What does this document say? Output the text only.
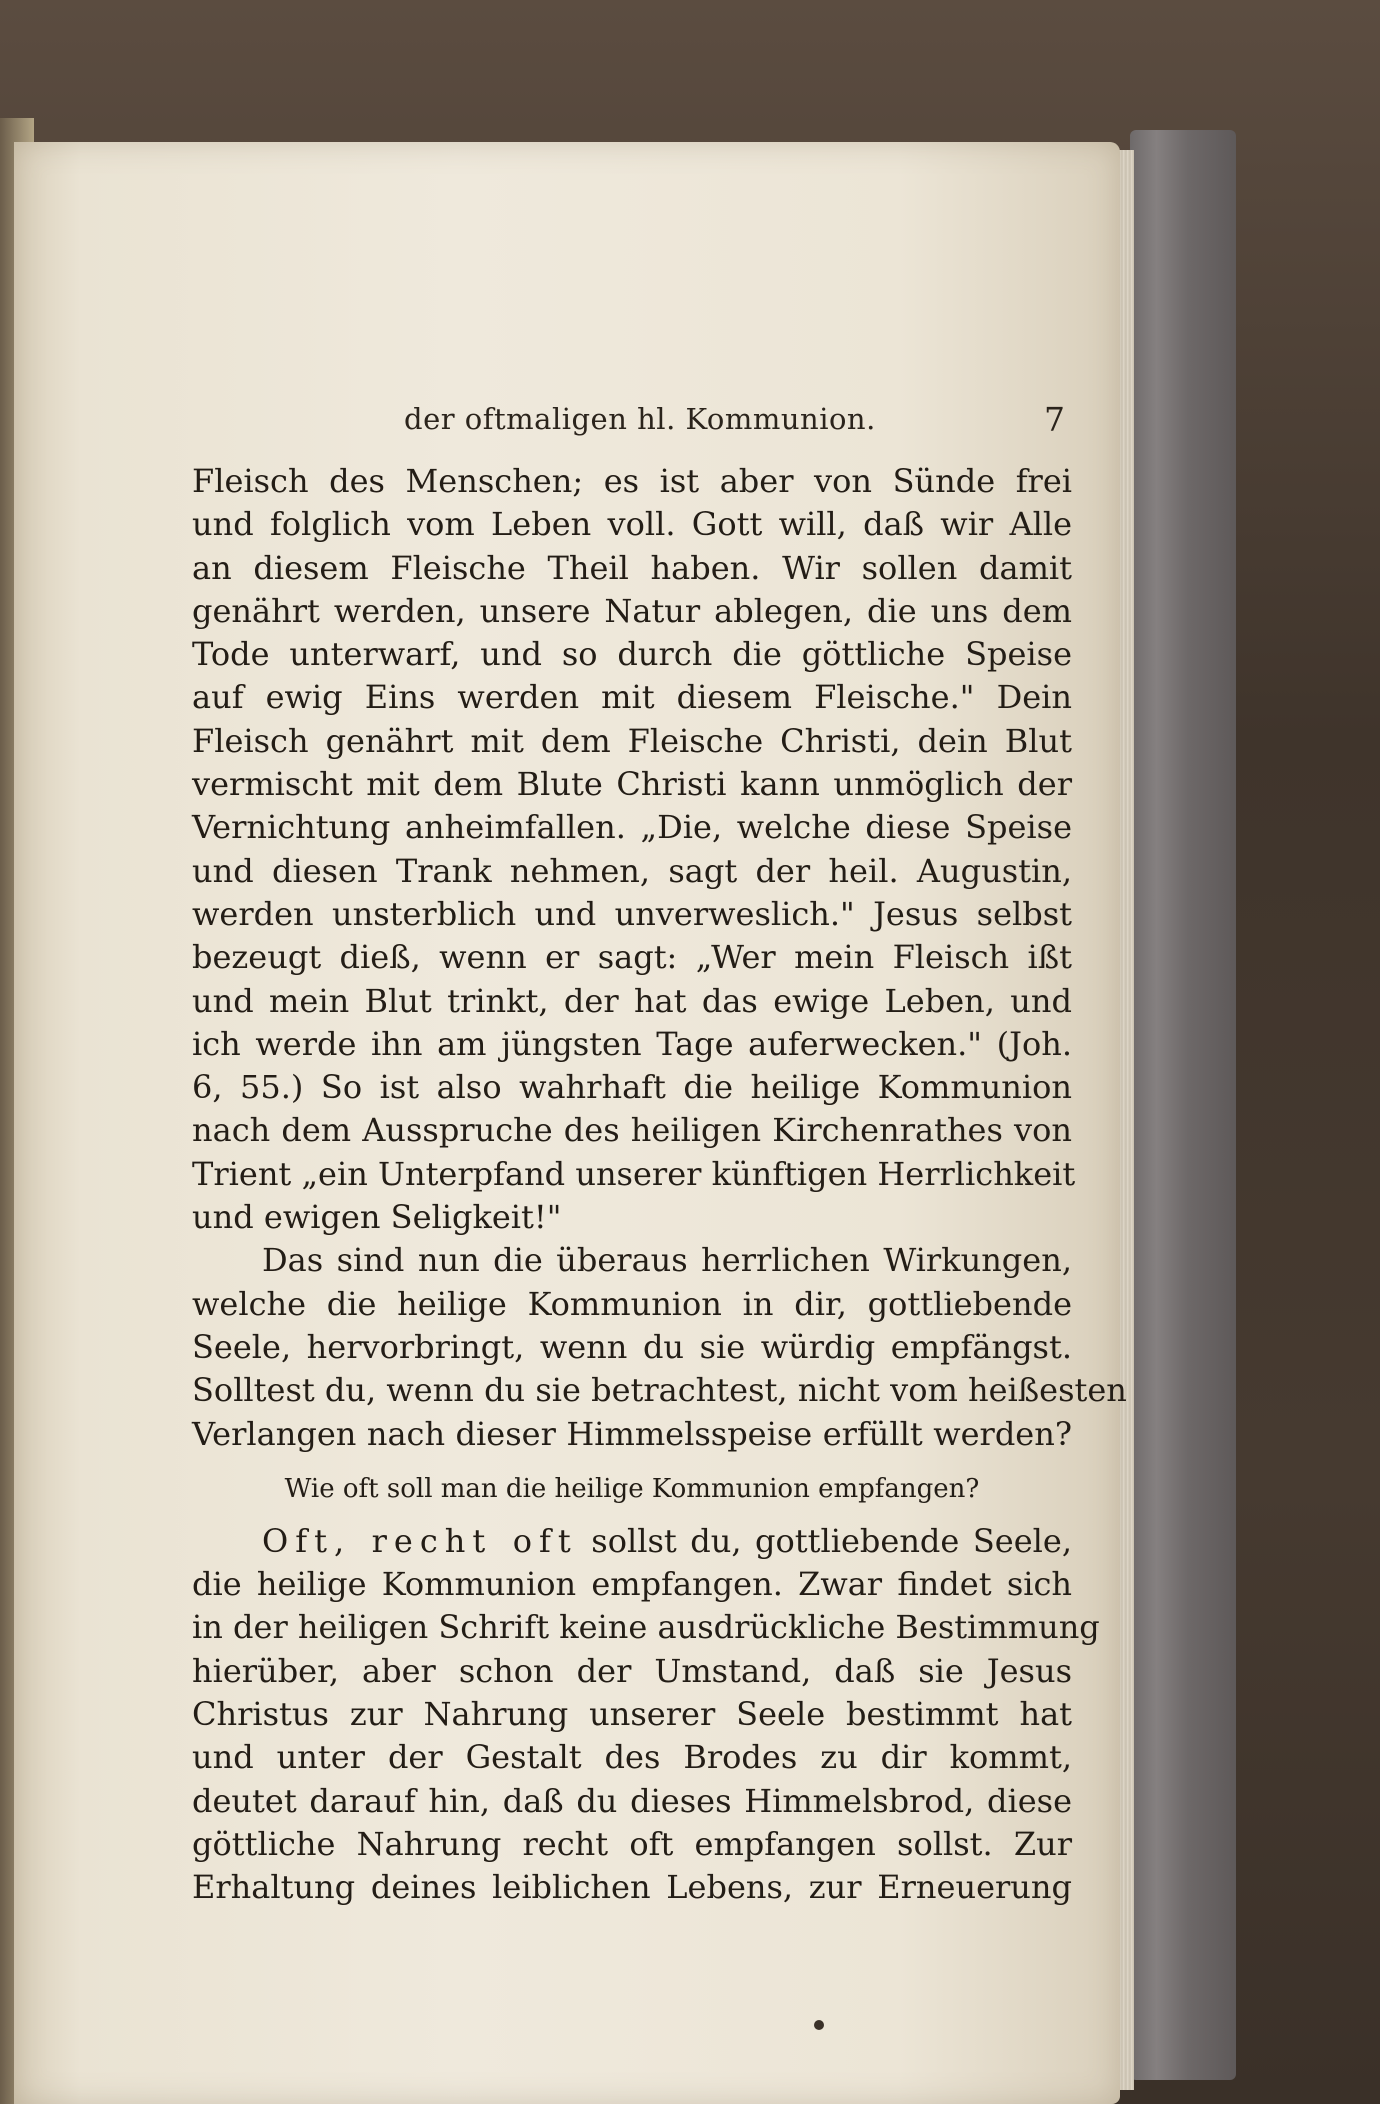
der oftmaligen hl. Kommunion.	7
Fleisch des Menschen; es ist aber von Sünde frei
und folglich vom Leben voll. Gott will, daß wir Alle
an diesem Fleische Theil haben. Wir sollen damit
genährt werden, unsere Natur ablegen, die uns dem
Tode unterwarf, und so durch die göttliche Speise
auf ewig Eins werden mit diesem Fleische." Dein
Fleisch genährt mit dem Fleische Christi, dein Blut
vermischt mit dem Blute Christi kann unmöglich der
Vernichtung anheimfallen. „Die, welche diese Speise
und diesen Trank nehmen, sagt der heil. Augustin,
werden unsterblich und unverweslich." Jesus selbst
bezeugt dieß, wenn er sagt: „Wer mein Fleisch ißt
und mein Blut trinkt, der hat das ewige Leben, und
ich werde ihn am jüngsten Tage auferwecken." (Joh.
6, 55.) So ist also wahrhaft die heilige Kommunion
nach dem Ausspruche des heiligen Kirchenrathes von
Trient „ein Unterpfand unserer künftigen Herrlichkeit
und ewigen Seligkeit!"
Das sind nun die überaus herrlichen Wirkungen,
welche die heilige Kommunion in dir, gottliebende
Seele, hervorbringt, wenn du sie würdig empfängst.
Solltest du, wenn du sie betrachtest, nicht vom heißesten
Verlangen nach dieser Himmelsspeise erfüllt werden?
Wie oft soll man die heilige Kommunion empfangen?
Oft, recht oft sollst du, gottliebende Seele,
die heilige Kommunion empfangen. Zwar findet sich
in der heiligen Schrift keine ausdrückliche Bestimmung
hierüber, aber schon der Umstand, daß sie Jesus
Christus zur Nahrung unserer Seele bestimmt hat
und unter der Gestalt des Brodes zu dir kommt,
deutet darauf hin, daß du dieses Himmelsbrod, diese
göttliche Nahrung recht oft empfangen sollst. Zur
Erhaltung deines leiblichen Lebens, zur Erneuerung
